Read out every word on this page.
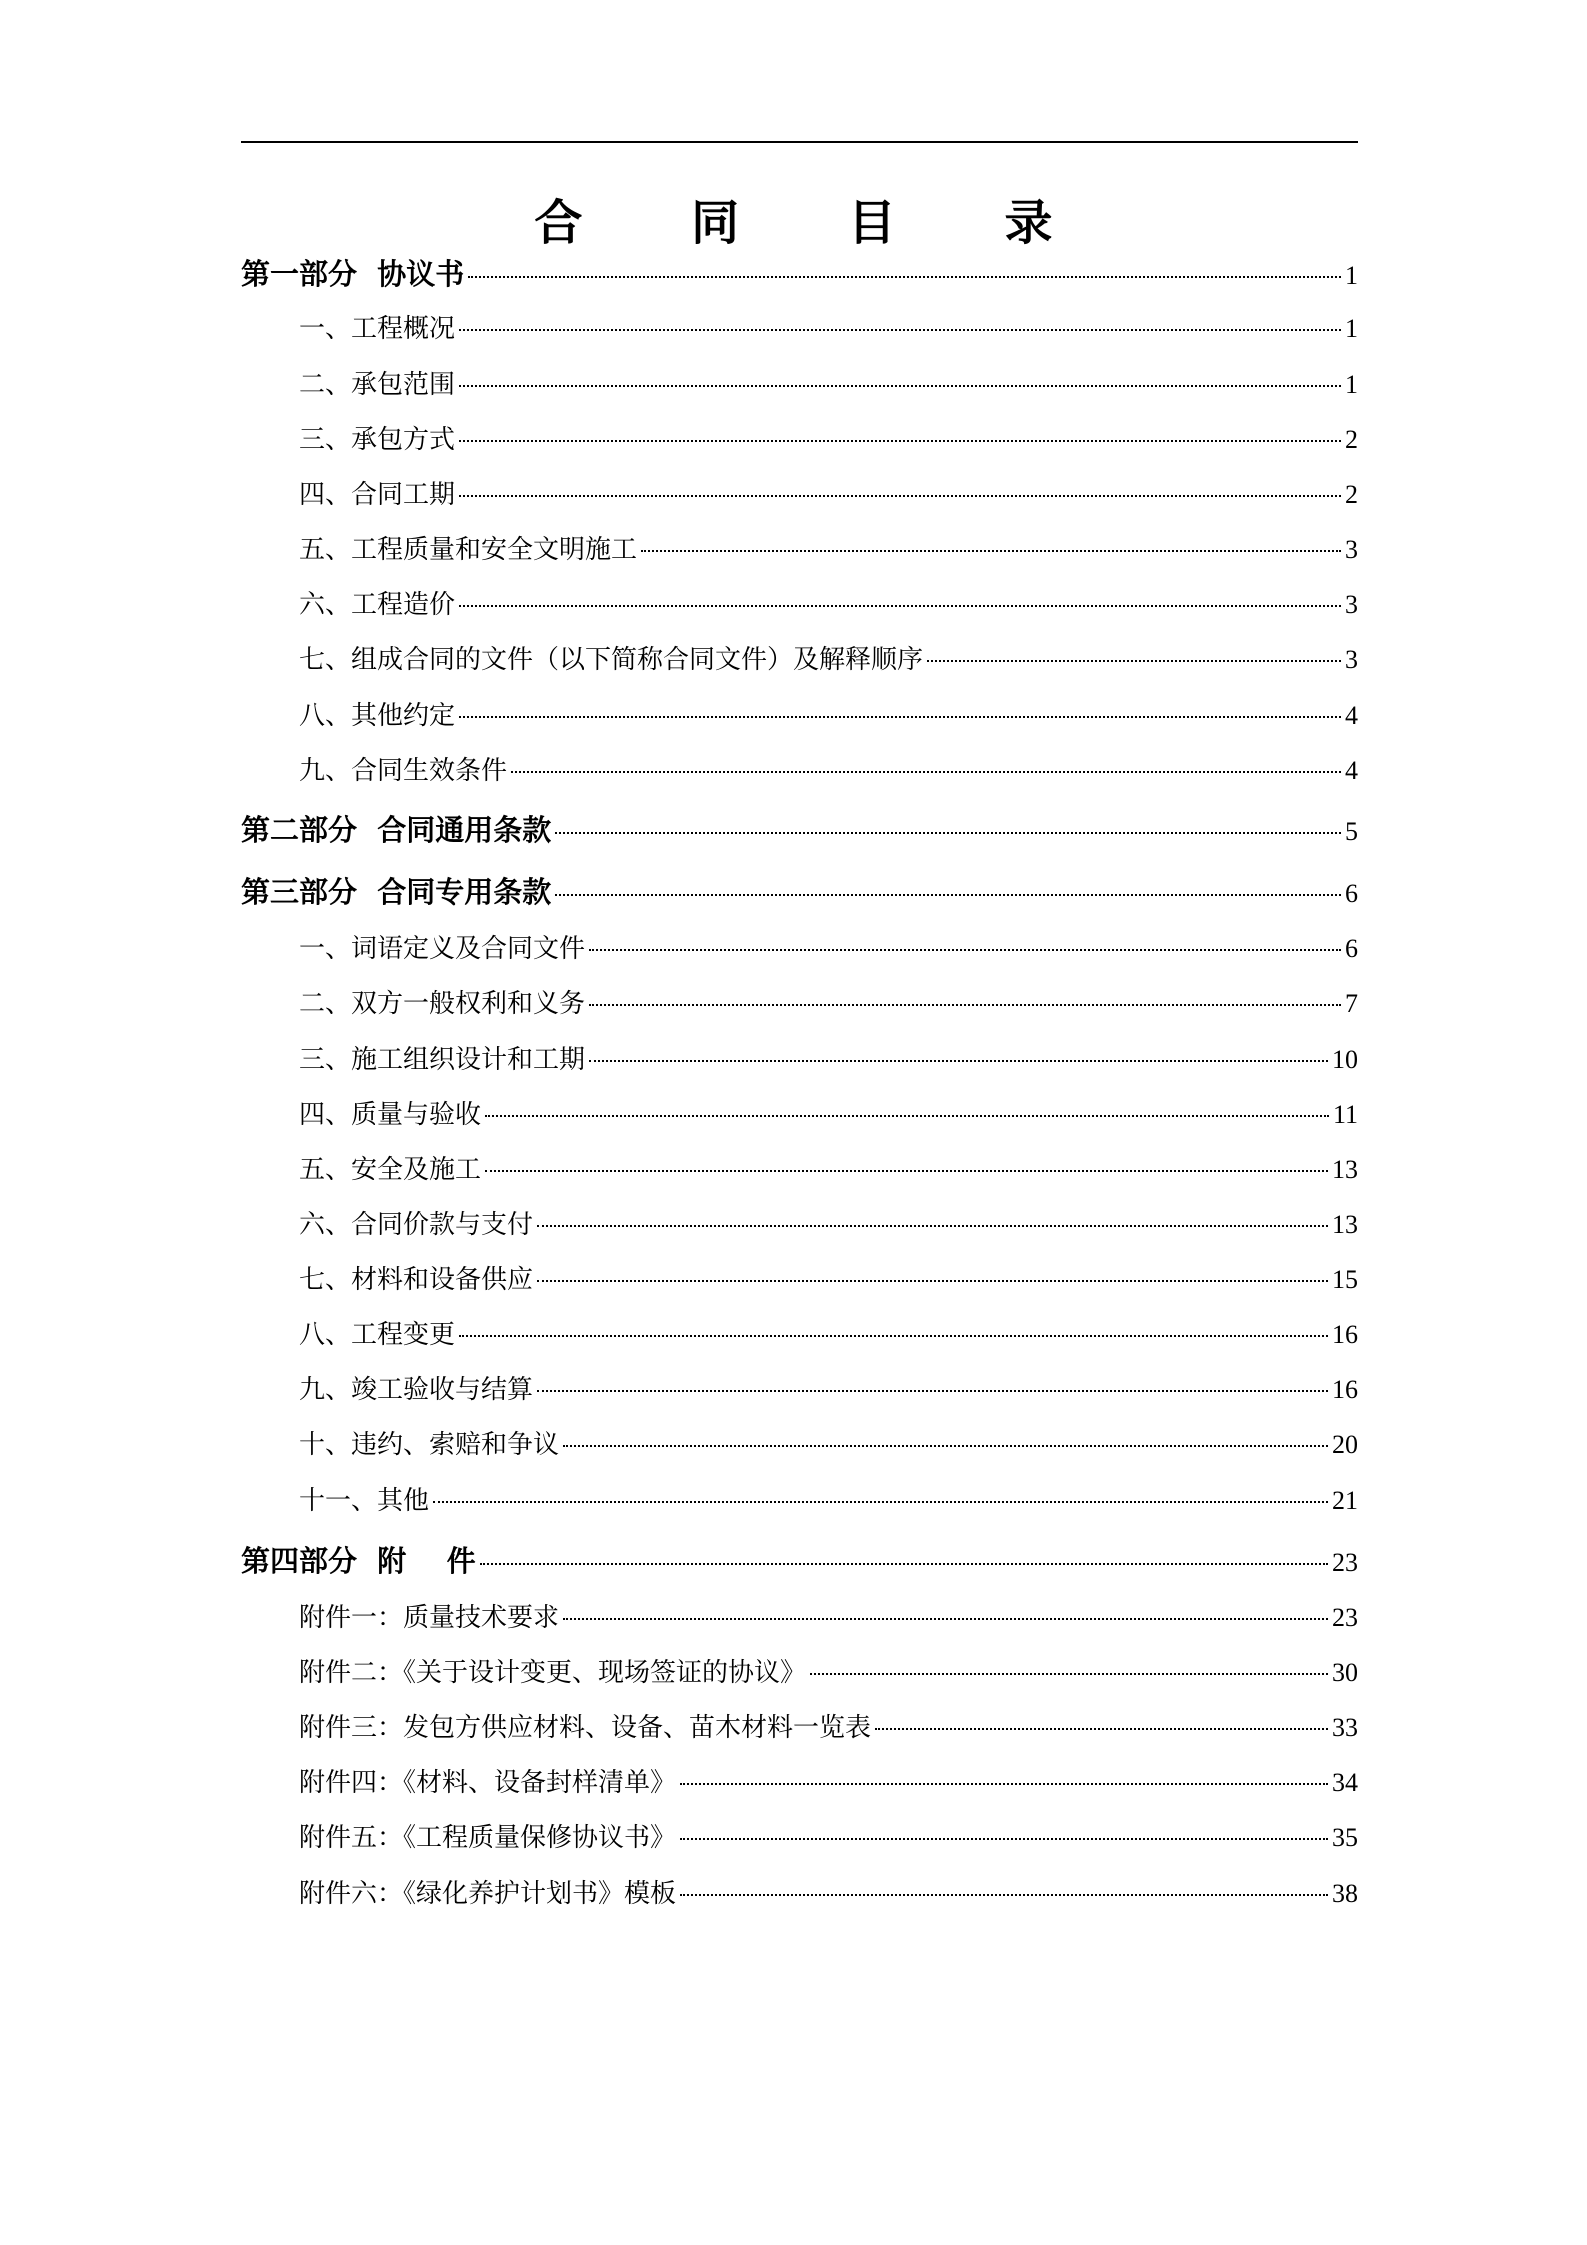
合 同 目 录
第一部分  协议书	1
一、工程概况	1
二、承包范围	1
三、承包方式	2
四、合同工期	2
五、工程质量和安全文明施工	3
六、工程造价	3
七、组成合同的文件（以下简称合同文件）及解释顺序	3
八、其他约定	4
九、合同生效条件	4
第二部分  合同通用条款	5
第三部分  合同专用条款	6
一、词语定义及合同文件	6
二、双方一般权利和义务	7
三、施工组织设计和工期	10
四、质量与验收	11
五、安全及施工	13
六、合同价款与支付	13
七、材料和设备供应	15
八、工程变更	16
九、竣工验收与结算	16
十、违约、索赔和争议	20
十一、其他	21
第四部分  附    件	23
附件一：质量技术要求	23
附件二：《关于设计变更、现场签证的协议》	30
附件三：发包方供应材料、设备、苗木材料一览表	33
附件四：《材料、设备封样清单》	34
附件五：《工程质量保修协议书》	35
附件六：《绿化养护计划书》模板	38
